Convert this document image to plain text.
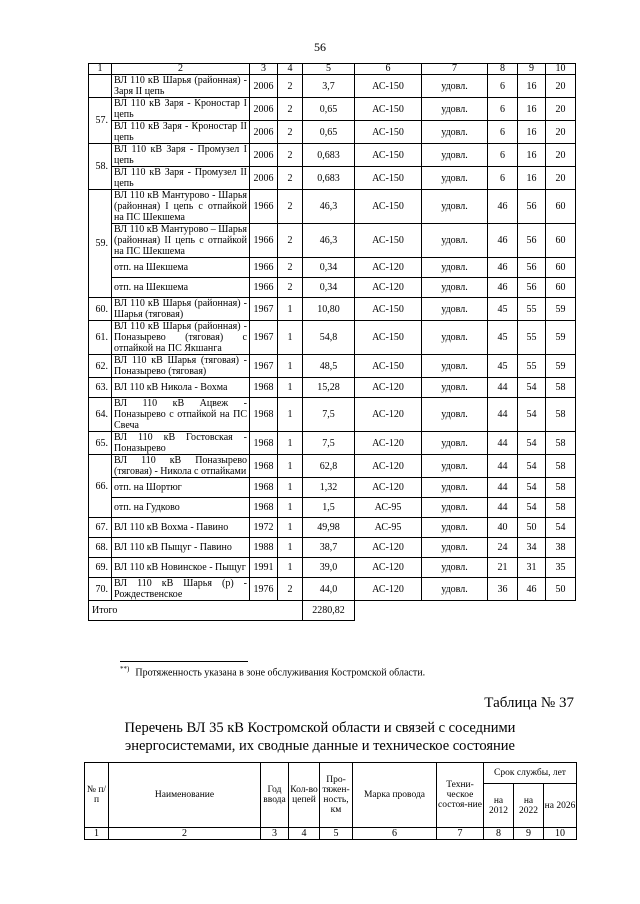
56
1	2	3	4	5	6	7	8	9	10
	ВЛ 110 кВ Шарья (районная) - Заря II цепь	2006	2	3,7	АС-150	удовл.	6	16	20
57.	ВЛ 110 кВ Заря - Кроностар I цепь	2006	2	0,65	АС-150	удовл.	6	16	20
	ВЛ 110 кВ Заря - Кроностар II цепь	2006	2	0,65	АС-150	удовл.	6	16	20
58.	ВЛ 110 кВ Заря - Промузел I цепь	2006	2	0,683	АС-150	удовл.	6	16	20
	ВЛ 110 кВ Заря - Промузел II цепь	2006	2	0,683	АС-150	удовл.	6	16	20
59.	ВЛ 110 кВ Мантурово - Шарья (районная) I цепь с отпайкой на ПС Шекшема	1966	2	46,3	АС-150	удовл.	46	56	60
	ВЛ 110 кВ Мантурово – Шарья (районная) II цепь с отпайкой на ПС Шекшема	1966	2	46,3	АС-150	удовл.	46	56	60
	отп. на Шекшема	1966	2	0,34	АС-120	удовл.	46	56	60
	отп. на Шекшема	1966	2	0,34	АС-120	удовл.	46	56	60
60.	ВЛ 110 кВ Шарья (районная) - Шарья (тяговая)	1967	1	10,80	АС-150	удовл.	45	55	59
61.	ВЛ 110 кВ Шарья (районная) - Поназырево (тяговая) с отпайкой на ПС Якшанга	1967	1	54,8	АС-150	удовл.	45	55	59
62.	ВЛ 110 кВ Шарья (тяговая) - Поназырево (тяговая)	1967	1	48,5	АС-150	удовл.	45	55	59
63.	ВЛ 110 кВ Никола - Вохма	1968	1	15,28	АС-120	удовл.	44	54	58
64.	ВЛ 110 кВ Ацвеж - Поназырево с отпайкой на ПС Свеча	1968	1	7,5	АС-120	удовл.	44	54	58
65.	ВЛ 110 кВ Гостовская - Поназырево	1968	1	7,5	АС-120	удовл.	44	54	58
66.	ВЛ 110 кВ Поназырево (тяговая) - Никола с отпайками	1968	1	62,8	АС-120	удовл.	44	54	58
	отп. на Шортюг	1968	1	1,32	АС-120	удовл.	44	54	58
	отп. на Гудково	1968	1	1,5	АС-95	удовл.	44	54	58
67.	ВЛ 110 кВ Вохма - Павино	1972	1	49,98	АС-95	удовл.	40	50	54
68.	ВЛ 110 кВ Пыщуг - Павино	1988	1	38,7	АС-120	удовл.	24	34	38
69.	ВЛ 110 кВ Новинское - Пыщуг	1991	1	39,0	АС-120	удовл.	21	31	35
70.	ВЛ 110 кВ Шарья (р) - Рождественское	1976	2	44,0	АС-120	удовл.	36	46	50
Итого				2280,82					
**) Протяженность указана в зоне обслуживания Костромской области.
Таблица № 37
Перечень ВЛ 35 кВ Костромской области и связей с соседними
энергосистемами, их сводные данные и техническое состояние
№ п/п	Наименование	Год ввода	Кол-во цепей	Про-тяжен-ность, км	Марка провода	Техни-ческое состоя-ние	Срок службы, лет		
							на 2012	на 2022	на 2026
1	2	3	4	5	6	7	8	9	10
